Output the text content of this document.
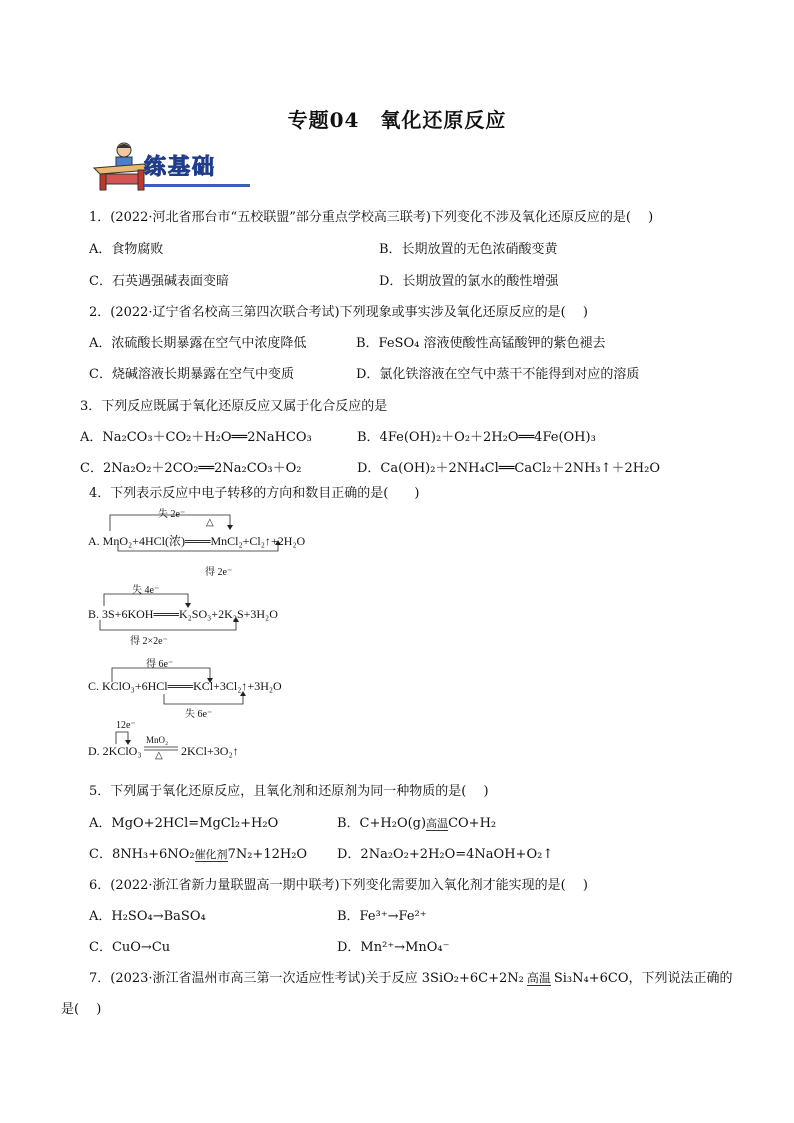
专题04　氧化还原反应
练基础
1．(2022·河北省邢台市“五校联盟”部分重点学校高三联考)下列变化不涉及氧化还原反应的是(　 )
A．食物腐败	B．长期放置的无色浓硝酸变黄
C．石英遇强碱表面变暗	D．长期放置的氯水的酸性增强
2．(2022·辽宁省名校高三第四次联合考试)下列现象或事实涉及氧化还原反应的是(　 )
A．浓硫酸长期暴露在空气中浓度降低	B．FeSO₄ 溶液使酸性高锰酸钾的紫色褪去
C．烧碱溶液长期暴露在空气中变质	D．氯化铁溶液在空气中蒸干不能得到对应的溶质
3．下列反应既属于氧化还原反应又属于化合反应的是
A．Na₂CO₃＋CO₂＋H₂O══2NaHCO₃	B．4Fe(OH)₂＋O₂＋2H₂O══4Fe(OH)₃
C．2Na₂O₂＋2CO₂══2Na₂CO₃＋O₂	D．Ca(OH)₂＋2NH₄Cl══CaCl₂＋2NH₃↑＋2H₂O
4．下列表示反应中电子转移的方向和数目正确的是(　　)
失 2e⁻
△
A. MnO₂+4HCl(浓)═══MnCl₂+Cl₂↑+2H₂O
得 2e⁻
失 4e⁻
B. 3S+6KOH═══K₂SO₃+2K₂S+3H₂O
得 2×2e⁻
得 6e⁻
C. KClO₃+6HCl═══KCl+3Cl₂↑+3H₂O
失 6e⁻
12e⁻
MnO₂
△
D. 2KClO₃	2KCl+3O₂↑
5．下列属于氧化还原反应，且氧化剂和还原剂为同一种物质的是(　 )
A．MgO+2HCl=MgCl₂+H₂O	B．C+H₂O(g)高温CO+H₂
C．8NH₃+6NO₂催化剂7N₂+12H₂O D．2Na₂O₂+2H₂O=4NaOH+O₂↑
6．(2022·浙江省新力量联盟高一期中联考)下列变化需要加入氧化剂才能实现的是(　 )
A．H₂SO₄→BaSO₄	B．Fe³⁺→Fe²⁺
C．CuO→Cu	D．Mn²⁺→MnO₄⁻
7．(2023·浙江省温州市高三第一次适应性考试)关于反应 3SiO₂+6C+2N₂ 高温 Si₃N₄+6CO，下列说法正确的
是(　 )
